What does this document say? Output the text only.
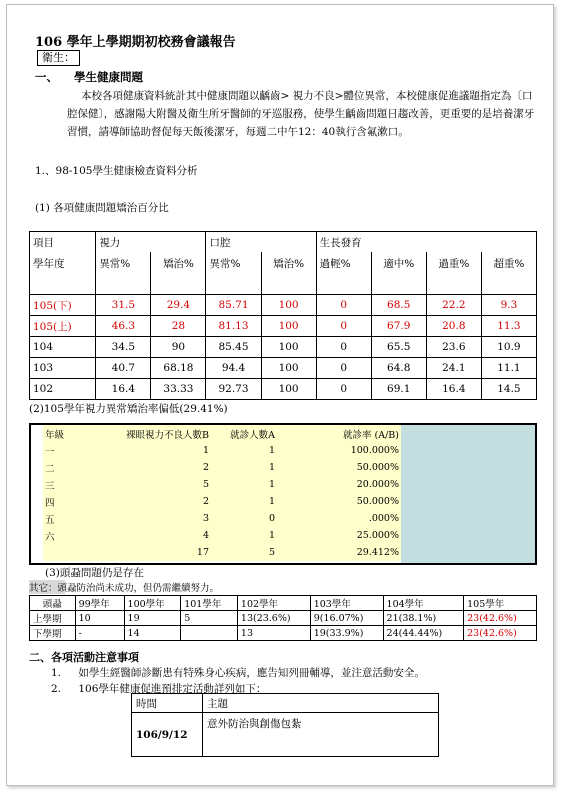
106 學年上學期期初校務會議報告
衛生：
一、 學生健康問題
本校各項健康資料統計其中健康問題以齲齒> 視力不良>體位異常，本校健康促進議題指定為〔口腔保健〕，感謝陽大附醫及衛生所牙醫師的牙巡服務，使學生齲齒問題日趨改善，更重要的是培養潔牙習慣，請導師協助督促每天飯後潔牙，每週二中午12：40執行含氟漱口。
1.、98-105學生健康檢查資料分析
(1) 各項健康問題矯治百分比
項目	視力		口腔		生長發育			
學年度	異常%	矯治%	異常%	矯治%	過輕%	適中%	過重%	超重%
105(下)	31.5	29.4	85.71	100	0	68.5	22.2	9.3
105(上)	46.3	28	81.13	100	0	67.9	20.8	11.3
104	34.5	90	85.45	100	0	65.5	23.6	10.9
103	40.7	68.18	94.4	100	0	64.8	24.1	11.1
102	16.4	33.33	92.73	100	0	69.1	16.4	14.5
(2)105學年視力異常矯治率偏低(29.41%)
年級	裸眼視力不良人數B	就診人數A	就診率 (A/B)
一	1	1	100.000%
二	2	1	50.000%
三	5	1	20.000%
四	2	1	50.000%
五	3	0	.000%
六	4	1	25.000%
	17	5	29.412%
(3)頭蝨問題仍是存在
其它：頭蝨防治尚未成功，但仍需繼續努力。
頭蝨	99學年	100學年	101學年	102學年	103學年	104學年	105學年
上學期	10	19	5	13(23.6%)	9(16.07%)	21(38.1%)	23(42.6%)
下學期	-	14		13	19(33.9%)	24(44.44%)	23(42.6%)
二、各項活動注意事項
1. 如學生經醫師診斷患有特殊身心疾病，應告知列冊輔導，並注意活動安全。
2. 106學年健康促進預排定活動詳列如下：
時間	主題
106/9/12	意外防治與創傷包紮
